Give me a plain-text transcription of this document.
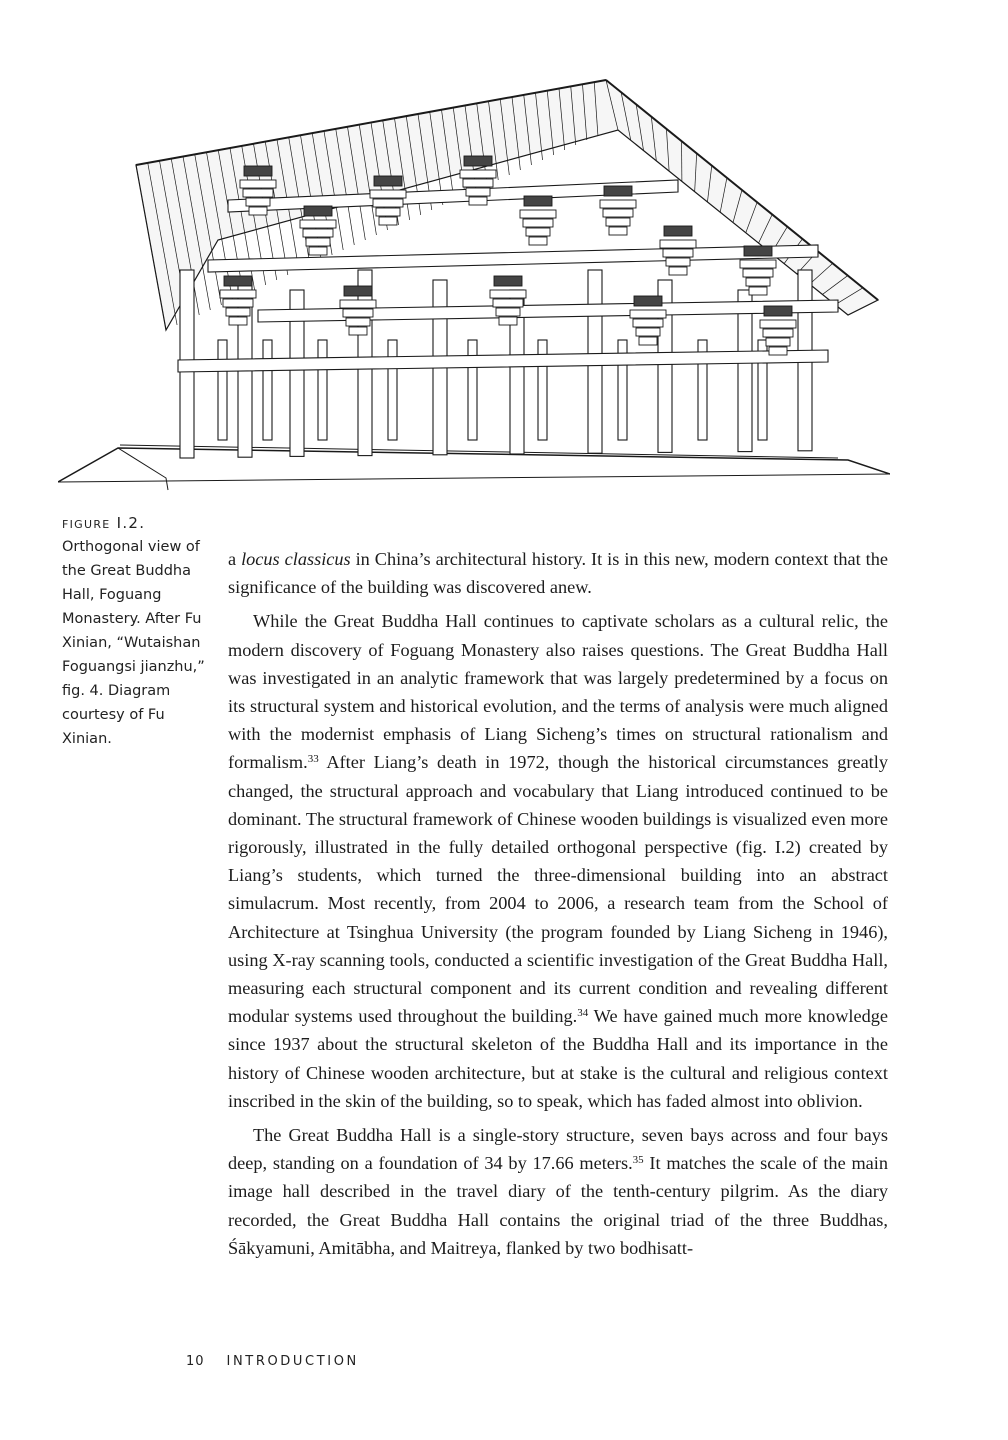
figure I.2.
Orthogonal view of the Great Buddha Hall, Foguang Monastery. After Fu Xinian, “Wutaishan Foguangsi jianzhu,” fig. 4. Diagram courtesy of Fu Xinian.

a locus classicus in China’s architectural history. It is in this new, modern context that the significance of the building was discovered anew.

While the Great Buddha Hall continues to captivate scholars as a cultural relic, the modern discovery of Foguang Monastery also raises questions. The Great Buddha Hall was investigated in an analytic framework that was largely predetermined by a focus on its structural system and historical evolution, and the terms of analysis were much aligned with the modernist emphasis of Liang Sicheng’s times on structural rationalism and formalism.$^{33}$ After Liang’s death in 1972, though the historical circumstances greatly changed, the structural approach and vocabulary that Liang introduced continued to be dominant. The structural framework of Chinese wooden buildings is visualized even more rigorously, illustrated in the fully detailed orthogonal perspective (fig. I.2) created by Liang’s students, which turned the three-dimensional building into an abstract simulacrum. Most recently, from 2004 to 2006, a research team from the School of Architecture at Tsinghua University (the program founded by Liang Sicheng in 1946), using X-ray scanning tools, conducted a scientific investigation of the Great Buddha Hall, measuring each structural component and its current condition and revealing different modular systems used throughout the building.$^{34}$ We have gained much more knowledge since 1937 about the structural skeleton of the Buddha Hall and its importance in the history of Chinese wooden architecture, but at stake is the cultural and religious context inscribed in the skin of the building, so to speak, which has faded almost into oblivion.

The Great Buddha Hall is a single-story structure, seven bays across and four bays deep, standing on a foundation of 34 by 17.66 meters.$^{35}$ It matches the scale of the main image hall described in the travel diary of the tenth-century pilgrim. As the diary recorded, the Great Buddha Hall contains the original triad of the three Buddhas, Śākyamuni, Amitābha, and Maitreya, flanked by two bodhisatt-

10 INTRODUCTION
